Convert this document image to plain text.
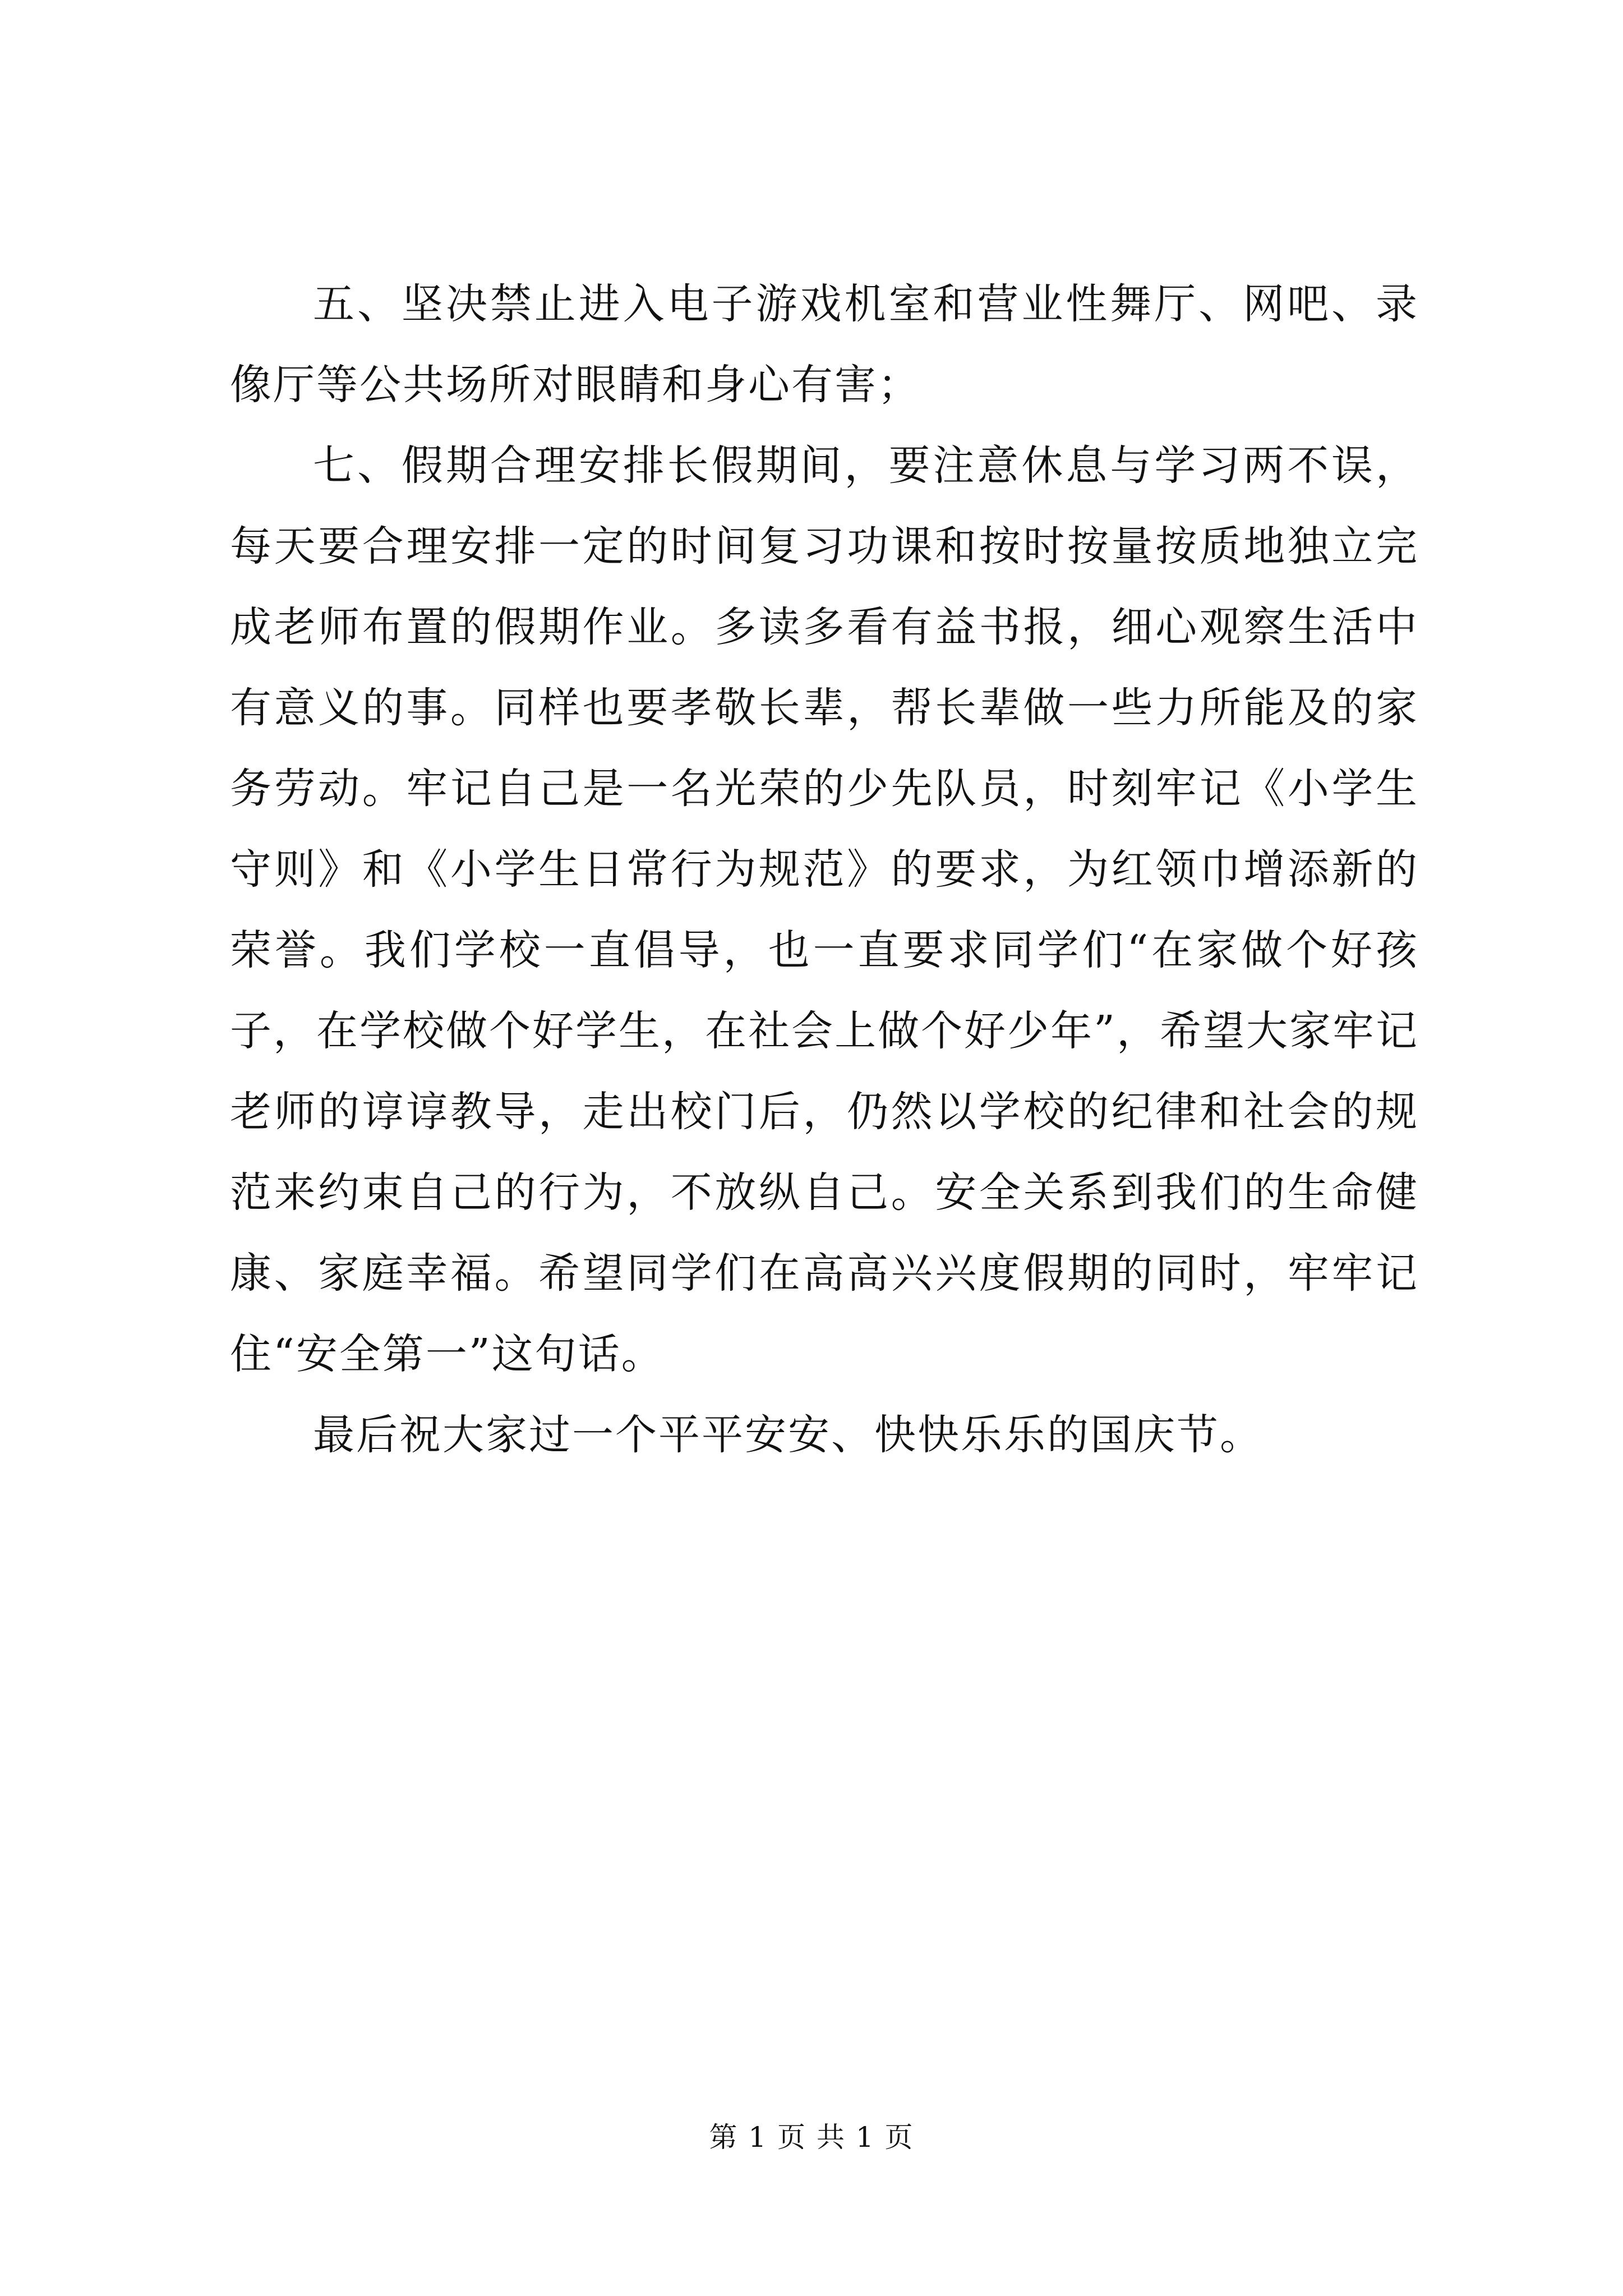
五、坚决禁止进入电子游戏机室和营业性舞厅、网吧、录像厅等公共场所对眼睛和身心有害；

七、假期合理安排长假期间，要注意休息与学习两不误，每天要合理安排一定的时间复习功课和按时按量按质地独立完成老师布置的假期作业。多读多看有益书报，细心观察生活中有意义的事。同样也要孝敬长辈，帮长辈做一些力所能及的家务劳动。牢记自己是一名光荣的少先队员，时刻牢记《小学生守则》和《小学生日常行为规范》的要求，为红领巾增添新的荣誉。我们学校一直倡导，也一直要求同学们“在家做个好孩子，在学校做个好学生，在社会上做个好少年”，希望大家牢记老师的谆谆教导，走出校门后，仍然以学校的纪律和社会的规范来约束自己的行为，不放纵自己。安全关系到我们的生命健康、家庭幸福。希望同学们在高高兴兴度假期的同时，牢牢记住“安全第一”这句话。

最后祝大家过一个平平安安、快快乐乐的国庆节。

第 1 页 共 1 页
